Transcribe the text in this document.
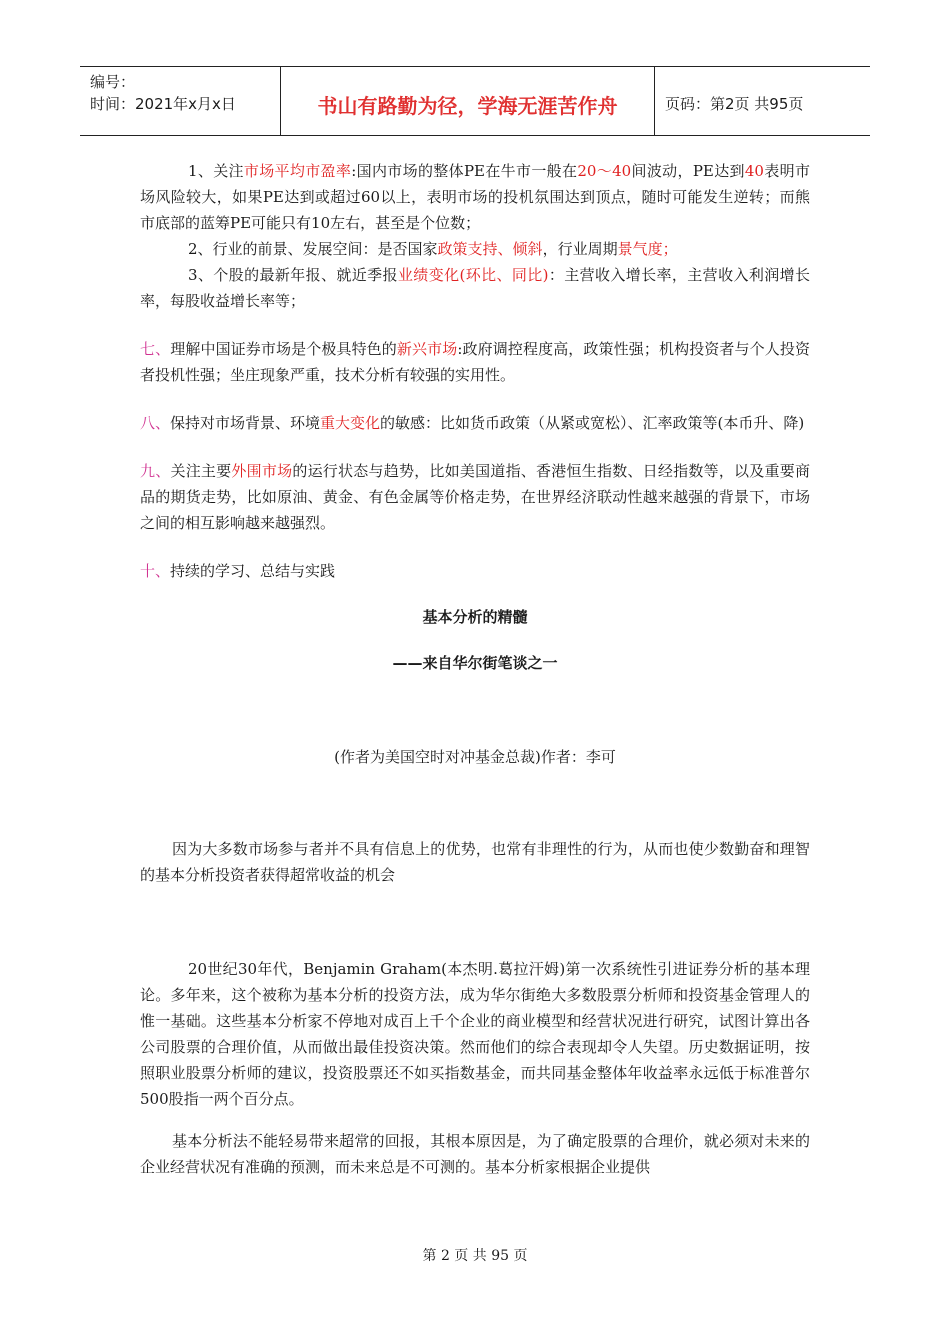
编号：
时间：2021年x月x日	书山有路勤为径，学海无涯苦作舟	页码：第2页 共95页

1、关注市场平均市盈率:国内市场的整体PE在牛市一般在20～40间波动，PE达到40表明市场风险较大，如果PE达到或超过60以上，表明市场的投机氛围达到顶点，随时可能发生逆转；而熊市底部的蓝筹PE可能只有10左右，甚至是个位数；

2、行业的前景、发展空间：是否国家政策支持、倾斜，行业周期景气度；

3、个股的最新年报、就近季报业绩变化(环比、同比)：主营收入增长率，主营收入利润增长率，每股收益增长率等；

七、理解中国证券市场是个极具特色的新兴市场:政府调控程度高，政策性强；机构投资者与个人投资者投机性强；坐庄现象严重，技术分析有较强的实用性。

八、保持对市场背景、环境重大变化的敏感：比如货币政策（从紧或宽松）、汇率政策等(本币升、降)

九、关注主要外围市场的运行状态与趋势，比如美国道指、香港恒生指数、日经指数等，以及重要商品的期货走势，比如原油、黄金、有色金属等价格走势，在世界经济联动性越来越强的背景下，市场之间的相互影响越来越强烈。

十、持续的学习、总结与实践

基本分析的精髓

——来自华尔街笔谈之一

(作者为美国空时对冲基金总裁)作者：李可

因为大多数市场参与者并不具有信息上的优势，也常有非理性的行为，从而也使少数勤奋和理智的基本分析投资者获得超常收益的机会

20世纪30年代，Benjamin Graham(本杰明.葛拉汗姆)第一次系统性引进证券分析的基本理论。多年来，这个被称为基本分析的投资方法，成为华尔街绝大多数股票分析师和投资基金管理人的惟一基础。这些基本分析家不停地对成百上千个企业的商业模型和经营状况进行研究，试图计算出各公司股票的合理价值，从而做出最佳投资决策。然而他们的综合表现却令人失望。历史数据证明，按照职业股票分析师的建议，投资股票还不如买指数基金，而共同基金整体年收益率永远低于标准普尔500股指一两个百分点。

基本分析法不能轻易带来超常的回报，其根本原因是，为了确定股票的合理价，就必须对未来的企业经营状况有准确的预测，而未来总是不可测的。基本分析家根据企业提供

第 2 页 共 95 页
